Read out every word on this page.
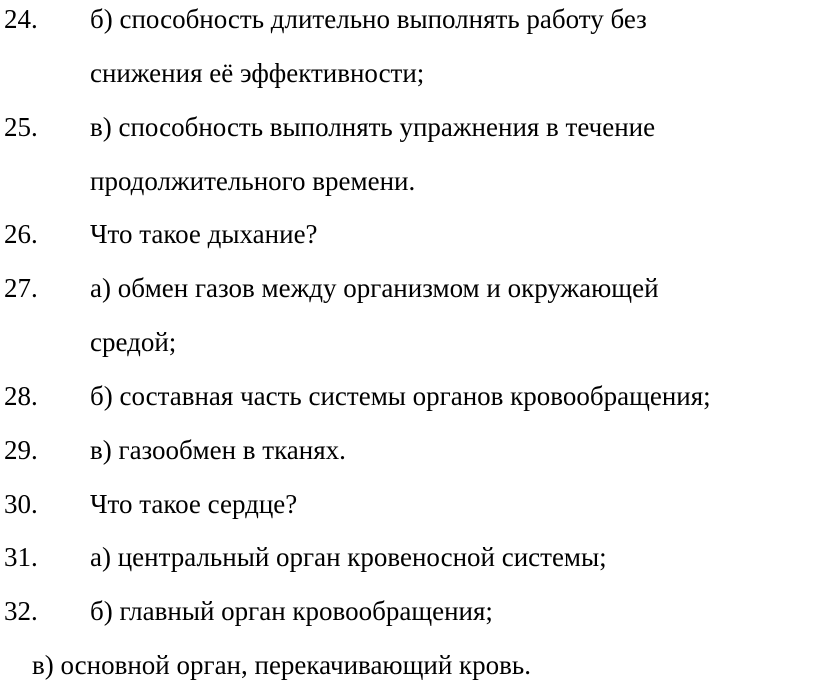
24. б) способность длительно выполнять работу без
снижения её эффективности;
25. в) способность выполнять упражнения в течение
продолжительного времени.
26. Что такое дыхание?
27. а) обмен газов между организмом и окружающей
средой;
28. б) составная часть системы органов кровообращения;
29. в) газообмен в тканях.
30. Что такое сердце?
31. а) центральный орган кровеносной системы;
32. б) главный орган кровообращения;
в) основной орган, перекачивающий кровь.
